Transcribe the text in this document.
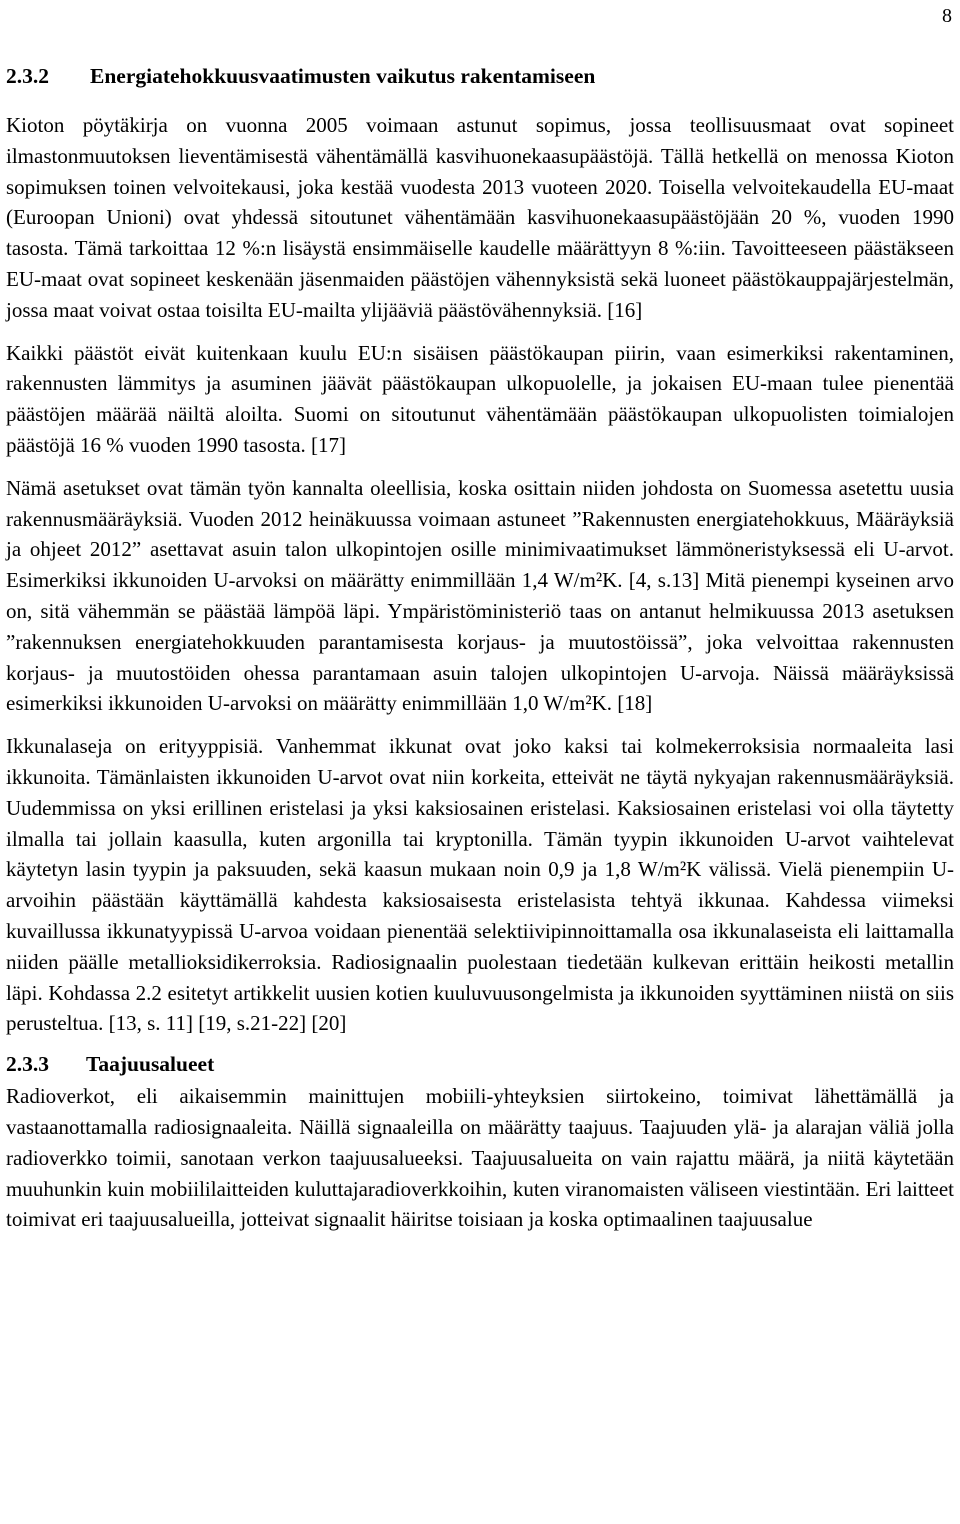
8
2.3.2 Energiatehokkuusvaatimusten vaikutus rakentamiseen

Kioton pöytäkirja on vuonna 2005 voimaan astunut sopimus, jossa teollisuusmaat ovat sopineet ilmastonmuutoksen lieventämisestä vähentämällä kasvihuonekaasupäästöjä. Tällä hetkellä on menossa Kioton sopimuksen toinen velvoitekausi, joka kestää vuodesta 2013 vuoteen 2020. Toisella velvoitekaudella EU-maat (Euroopan Unioni) ovat yhdessä sitoutunet vähentämään kasvihuonekaasupäästöjään 20 %, vuoden 1990 tasosta. Tämä tarkoittaa 12 %:n lisäystä ensimmäiselle kaudelle määrättyyn 8 %:iin. Tavoitteeseen päästäkseen EU-maat ovat sopineet keskenään jäsenmaiden päästöjen vähennyksistä sekä luoneet päästökauppajärjestelmän, jossa maat voivat ostaa toisilta EU-mailta ylijääviä päästövähennyksiä. [16]

Kaikki päästöt eivät kuitenkaan kuulu EU:n sisäisen päästökaupan piirin, vaan esimerkiksi rakentaminen, rakennusten lämmitys ja asuminen jäävät päästökaupan ulkopuolelle, ja jokaisen EU-maan tulee pienentää päästöjen määrää näiltä aloilta. Suomi on sitoutunut vähentämään päästökaupan ulkopuolisten toimialojen päästöjä 16 % vuoden 1990 tasosta. [17]

Nämä asetukset ovat tämän työn kannalta oleellisia, koska osittain niiden johdosta on Suomessa asetettu uusia rakennusmääräyksiä. Vuoden 2012 heinäkuussa voimaan astuneet ”Rakennusten energiatehokkuus, Määräyksiä ja ohjeet 2012” asettavat asuin talon ulkopintojen osille minimivaatimukset lämmöneristyksessä eli U-arvot. Esimerkiksi ikkunoiden U-arvoksi on määrätty enimmillään 1,4 W/m²K. [4, s.13] Mitä pienempi kyseinen arvo on, sitä vähemmän se päästää lämpöä läpi. Ympäristöministeriö taas on antanut helmikuussa 2013 asetuksen ”rakennuksen energiatehokkuuden parantamisesta korjaus- ja muutostöissä”, joka velvoittaa rakennusten korjaus- ja muutostöiden ohessa parantamaan asuin talojen ulkopintojen U-arvoja. Näissä määräyksissä esimerkiksi ikkunoiden U-arvoksi on määrätty enimmillään 1,0 W/m²K. [18]

Ikkunalaseja on erityyppisiä. Vanhemmat ikkunat ovat joko kaksi tai kolmekerroksisia normaaleita lasi ikkunoita. Tämänlaisten ikkunoiden U-arvot ovat niin korkeita, etteivät ne täytä nykyajan rakennusmääräyksiä. Uudemmissa on yksi erillinen eristelasi ja yksi kaksiosainen eristelasi. Kaksiosainen eristelasi voi olla täytetty ilmalla tai jollain kaasulla, kuten argonilla tai kryptonilla. Tämän tyypin ikkunoiden U-arvot vaihtelevat käytetyn lasin tyypin ja paksuuden, sekä kaasun mukaan noin 0,9 ja 1,8 W/m²K välissä. Vielä pienempiin U-arvoihin päästään käyttämällä kahdesta kaksiosaisesta eristelasista tehtyä ikkunaa. Kahdessa viimeksi kuvaillussa ikkunatyypissä U-arvoa voidaan pienentää selektiivipinnoittamalla osa ikkunalaseista eli laittamalla niiden päälle metallioksidikerroksia. Radiosignaalin puolestaan tiedetään kulkevan erittäin heikosti metallin läpi. Kohdassa 2.2 esitetyt artikkelit uusien kotien kuuluvuusongelmista ja ikkunoiden syyttäminen niistä on siis perusteltua. [13, s. 11] [19, s.21-22] [20]

2.3.3 Taajuusalueet

Radioverkot, eli aikaisemmin mainittujen mobiili-yhteyksien siirtokeino, toimivat lähettämällä ja vastaanottamalla radiosignaaleita. Näillä signaaleilla on määrätty taajuus. Taajuuden ylä- ja alarajan väliä jolla radioverkko toimii, sanotaan verkon taajuusalueeksi. Taajuusalueita on vain rajattu määrä, ja niitä käytetään muuhunkin kuin mobiililaitteiden kuluttajaradioverkkoihin, kuten viranomaisten väliseen viestintään. Eri laitteet toimivat eri taajuusalueilla, jotteivat signaalit häiritse toisiaan ja koska optimaalinen taajuusalue
